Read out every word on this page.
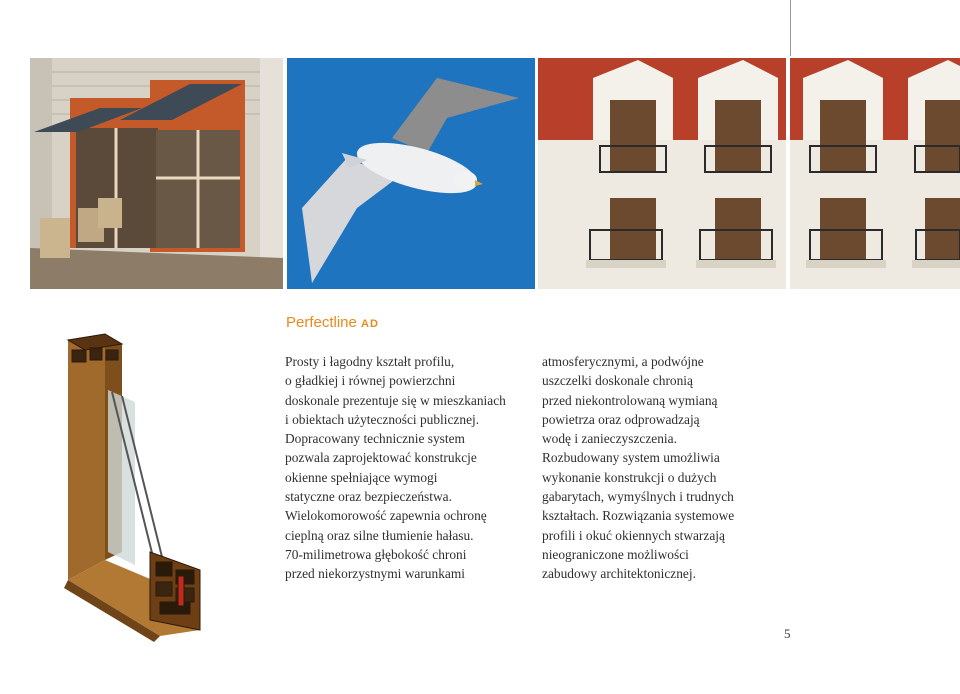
Perfectline AD
Prosty i łagodny kształt profilu,
o gładkiej i równej powierzchni
doskonale prezentuje się w mieszkaniach
i obiektach użyteczności publicznej.
Dopracowany technicznie system
pozwala zaprojektować konstrukcje
okienne spełniające wymogi
statyczne oraz bezpieczeństwa.
Wielokomorowość zapewnia ochronę
cieplną oraz silne tłumienie hałasu.
70-milimetrowa głębokość chroni
przed niekorzystnymi warunkami
atmosferycznymi, a podwójne
uszczelki doskonale chronią
przed niekontrolowaną wymianą
powietrza oraz odprowadzają
wodę i zanieczyszczenia.
Rozbudowany system umożliwia
wykonanie konstrukcji o dużych
gabarytach, wymyślnych i trudnych
kształtach. Rozwiązania systemowe
profili i okuć okiennych stwarzają
nieograniczone możliwości
zabudowy architektonicznej.
5
